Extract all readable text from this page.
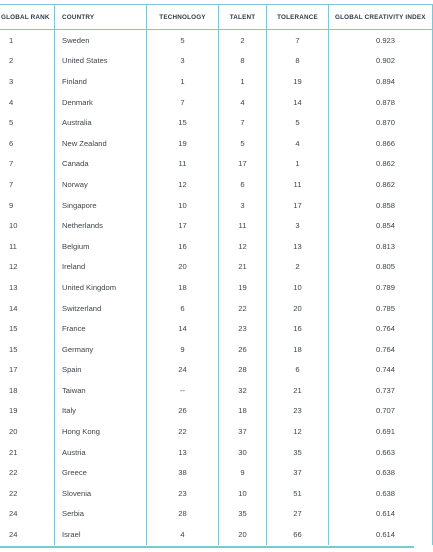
GLOBAL RANK	COUNTRY	TECHNOLOGY	TALENT	TOLERANCE	GLOBAL CREATIVITY INDEX
1	Sweden	5	2	7	0.923
2	United States	3	8	8	0.902
3	Finland	1	1	19	0.894
4	Denmark	7	4	14	0.878
5	Australia	15	7	5	0.870
6	New Zealand	19	5	4	0.866
7	Canada	11	17	1	0.862
7	Norway	12	6	11	0.862
9	Singapore	10	3	17	0.858
10	Netherlands	17	11	3	0.854
11	Belgium	16	12	13	0.813
12	Ireland	20	21	2	0.805
13	United Kingdom	18	19	10	0.789
14	Switzerland	6	22	20	0.785
15	France	14	23	16	0.764
15	Germany	9	26	18	0.764
17	Spain	24	28	6	0.744
18	Taiwan	--	32	21	0.737
19	Italy	26	18	23	0.707
20	Hong Kong	22	37	12	0.691
21	Austria	13	30	35	0.663
22	Greece	38	9	37	0.638
22	Slovenia	23	10	51	0.638
24	Serbia	28	35	27	0.614
24	Israel	4	20	66	0.614
